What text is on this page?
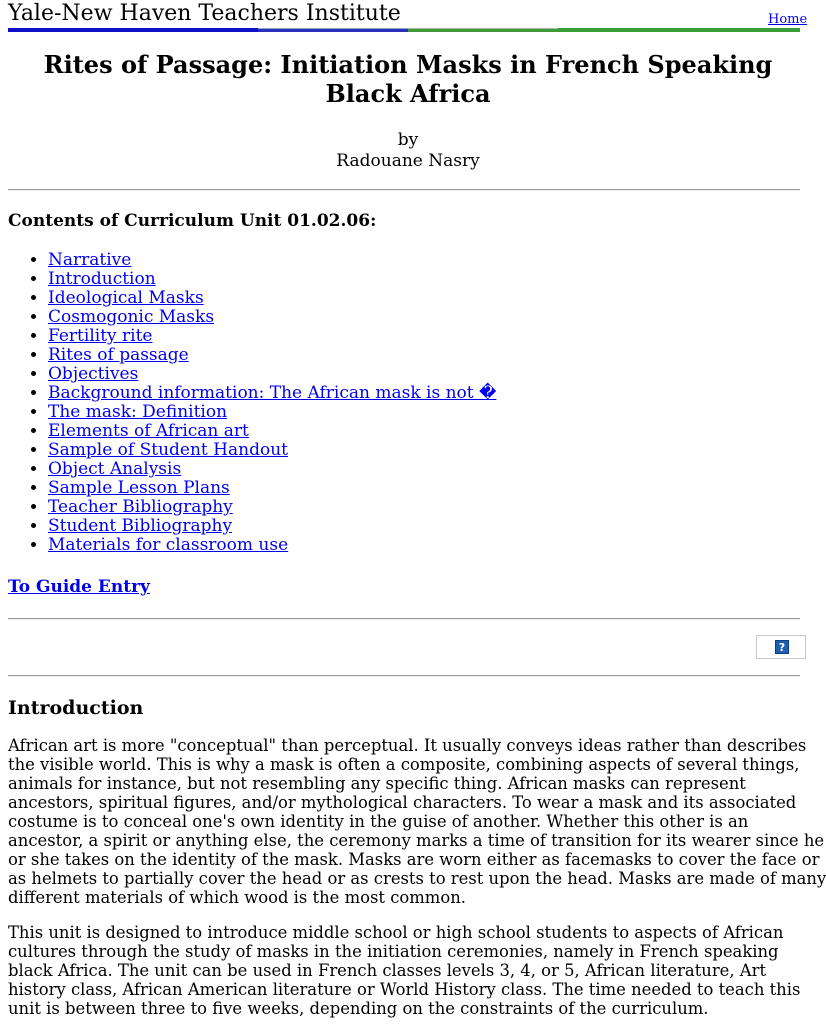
Yale-New Haven Teachers Institute	Home
Rites of Passage: Initiation Masks in French Speaking
Black Africa
by
Radouane Nasry
Contents of Curriculum Unit 01.02.06:
• Narrative
• Introduction
• Ideological Masks
• Cosmogonic Masks
• Fertility rite
• Rites of passage
• Objectives
• Background information: The African mask is not �
• The mask: Definition
• Elements of African art
• Sample of Student Handout
• Object Analysis
• Sample Lesson Plans
• Teacher Bibliography
• Student Bibliography
• Materials for classroom use
To Guide Entry
?
Introduction

African art is more "conceptual" than perceptual. It usually conveys ideas rather than describes
the visible world. This is why a mask is often a composite, combining aspects of several things,
animals for instance, but not resembling any specific thing. African masks can represent
ancestors, spiritual figures, and/or mythological characters. To wear a mask and its associated
costume is to conceal one's own identity in the guise of another. Whether this other is an
ancestor, a spirit or anything else, the ceremony marks a time of transition for its wearer since he
or she takes on the identity of the mask. Masks are worn either as facemasks to cover the face or
as helmets to partially cover the head or as crests to rest upon the head. Masks are made of many
different materials of which wood is the most common.

This unit is designed to introduce middle school or high school students to aspects of African
cultures through the study of masks in the initiation ceremonies, namely in French speaking
black Africa. The unit can be used in French classes levels 3, 4, or 5, African literature, Art
history class, African American literature or World History class. The time needed to teach this
unit is between three to five weeks, depending on the constraints of the curriculum.
